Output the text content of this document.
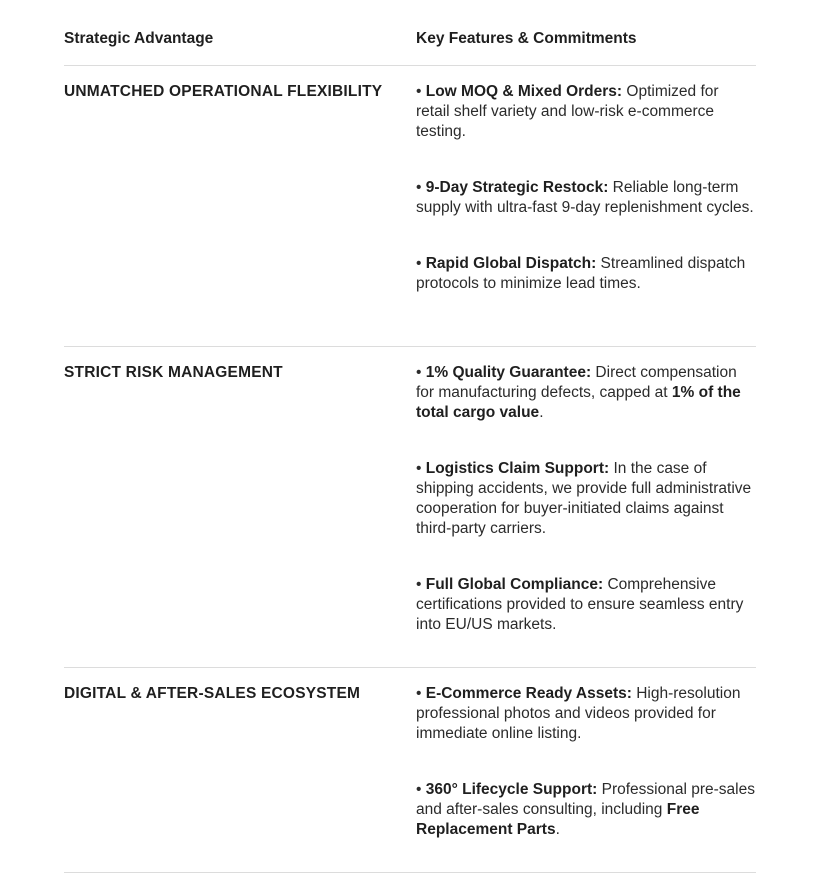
Strategic Advantage	Key Features & Commitments
UNMATCHED OPERATIONAL FLEXIBILITY	• Low MOQ & Mixed Orders: Optimized for retail shelf variety and low-risk e-commerce testing.

• 9-Day Strategic Restock: Reliable long-term supply with ultra-fast 9-day replenishment cycles.

• Rapid Global Dispatch: Streamlined dispatch protocols to minimize lead times.

STRICT RISK MANAGEMENT	• 1% Quality Guarantee: Direct compensation for manufacturing defects, capped at 1% of the total cargo value.

• Logistics Claim Support: In the case of shipping accidents, we provide full administrative cooperation for buyer-initiated claims against third-party carriers.

• Full Global Compliance: Comprehensive certifications provided to ensure seamless entry into EU/US markets.

DIGITAL & AFTER-SALES ECOSYSTEM	• E-Commerce Ready Assets: High-resolution professional photos and videos provided for immediate online listing.

• 360° Lifecycle Support: Professional pre-sales and after-sales consulting, including Free Replacement Parts.
